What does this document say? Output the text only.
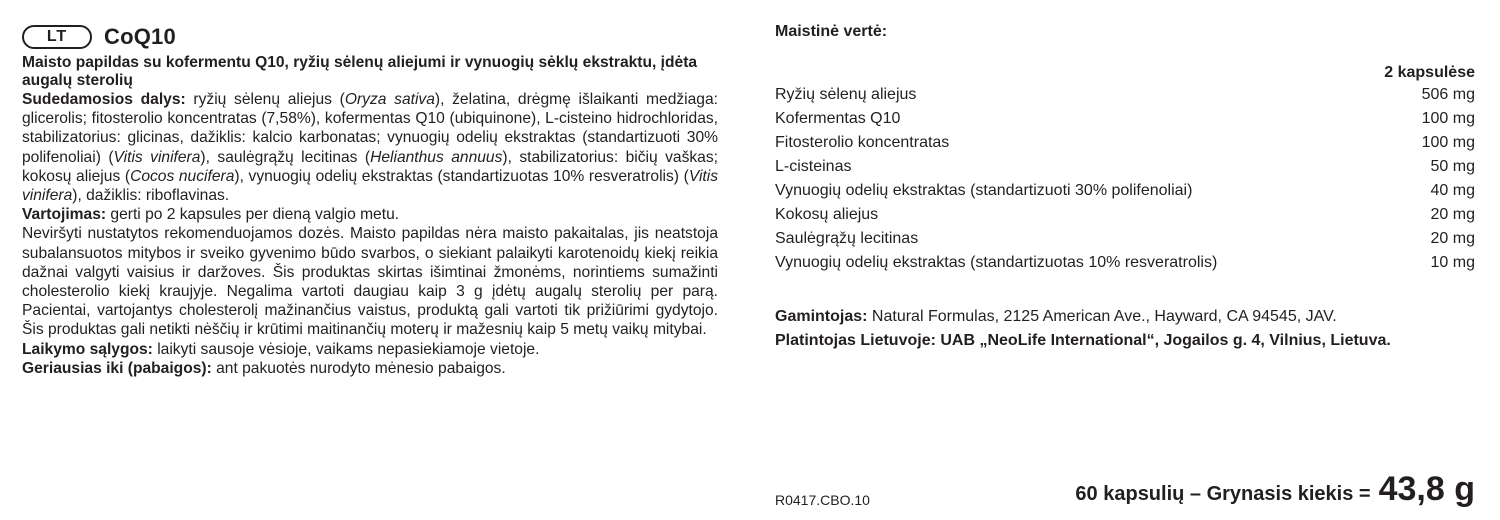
LT	CoQ10

Maisto papildas su kofermentu Q10, ryžių sėlenų aliejumi ir vynuogių sėklų ekstraktu, įdėta augalų sterolių

Sudedamosios dalys: ryžių sėlenų aliejus (Oryza sativa), želatina, drėgmę išlaikanti medžiaga: glicerolis; fitosterolio koncentratas (7,58%), kofermentas Q10 (ubiquinone), L-cisteino hidrochloridas, stabilizatorius: glicinas, dažiklis: kalcio karbonatas; vynuogių odelių ekstraktas (standartizuoti 30% polifenoliai) (Vitis vinifera), saulėgrąžų lecitinas (Helianthus annuus), stabilizatorius: bičių vaškas; kokosų aliejus (Cocos nucifera), vynuogių odelių ekstraktas (standartizuotas 10% resveratrolis) (Vitis vinifera), dažiklis: riboflavinas.

Vartojimas: gerti po 2 kapsules per dieną valgio metu.

Neviršyti nustatytos rekomenduojamos dozės. Maisto papildas nėra maisto pakaitalas, jis neatstoja subalansuotos mitybos ir sveiko gyvenimo būdo svarbos, o siekiant palaikyti karotenoidų kiekį reikia dažnai valgyti vaisius ir daržoves. Šis produktas skirtas išimtinai žmonėms, norintiems sumažinti cholesterolio kiekį kraujyje. Negalima vartoti daugiau kaip 3 g įdėtų augalų sterolių per parą. Pacientai, vartojantys cholesterolį mažinančius vaistus, produktą gali vartoti tik prižiūrimi gydytojo. Šis produktas gali netikti nėščių ir krūtimi maitinančių moterų ir mažesnių kaip 5 metų vaikų mitybai.

Laikymo sąlygos: laikyti sausoje vėsioje, vaikams nepasiekiamoje vietoje.

Geriausias iki (pabaigos): ant pakuotės nurodyto mėnesio pabaigos.

Maistinė vertė:

2 kapsulėse
Ryžių sėlenų aliejus	506 mg
Kofermentas Q10	100 mg
Fitosterolio koncentratas	100 mg
L-cisteinas	50 mg
Vynuogių odelių ekstraktas (standartizuoti 30% polifenoliai)	40 mg
Kokosų aliejus	20 mg
Saulėgrąžų lecitinas	20 mg
Vynuogių odelių ekstraktas (standartizuotas 10% resveratrolis)	10 mg
Gamintojas: Natural Formulas, 2125 American Ave., Hayward, CA 94545, JAV.
Platintojas Lietuvoje: UAB „NeoLife International“, Jogailos g. 4, Vilnius, Lietuva.
R0417.CBO.10	60 kapsulių – Grynasis kiekis = 43,8 g
